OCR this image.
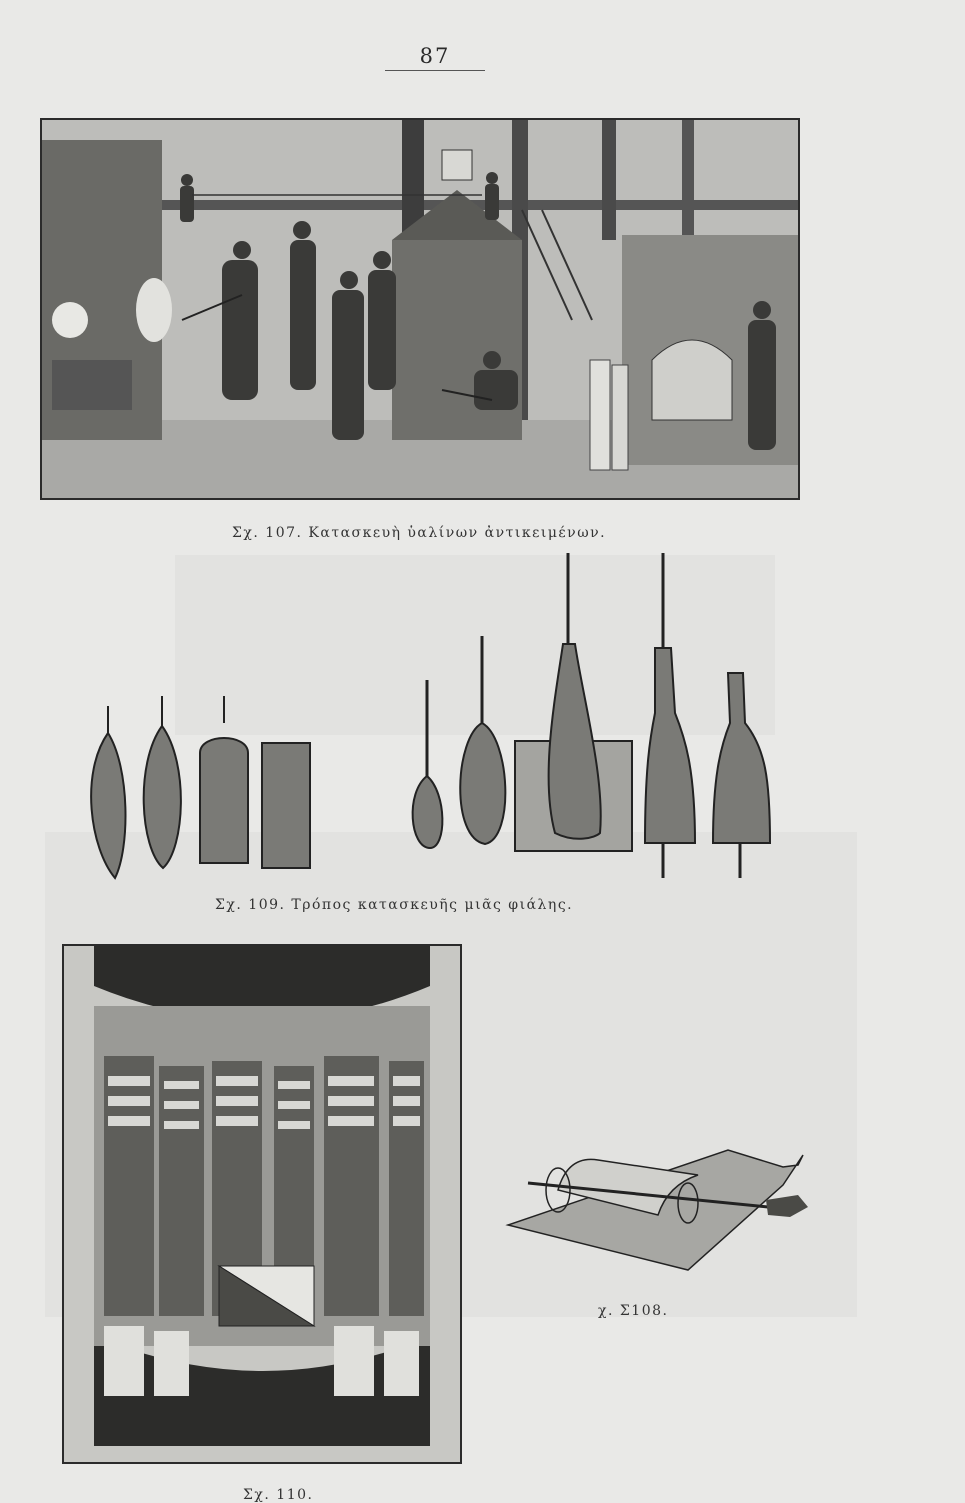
87
Σχ. 107. Κατασκευὴ ὑαλίνων ἀντικειμένων.
Σχ. 109. Τρόπος κατασκευῆς μιᾶς φιάλης.
Σχ. 110.
χ. Σ108.
